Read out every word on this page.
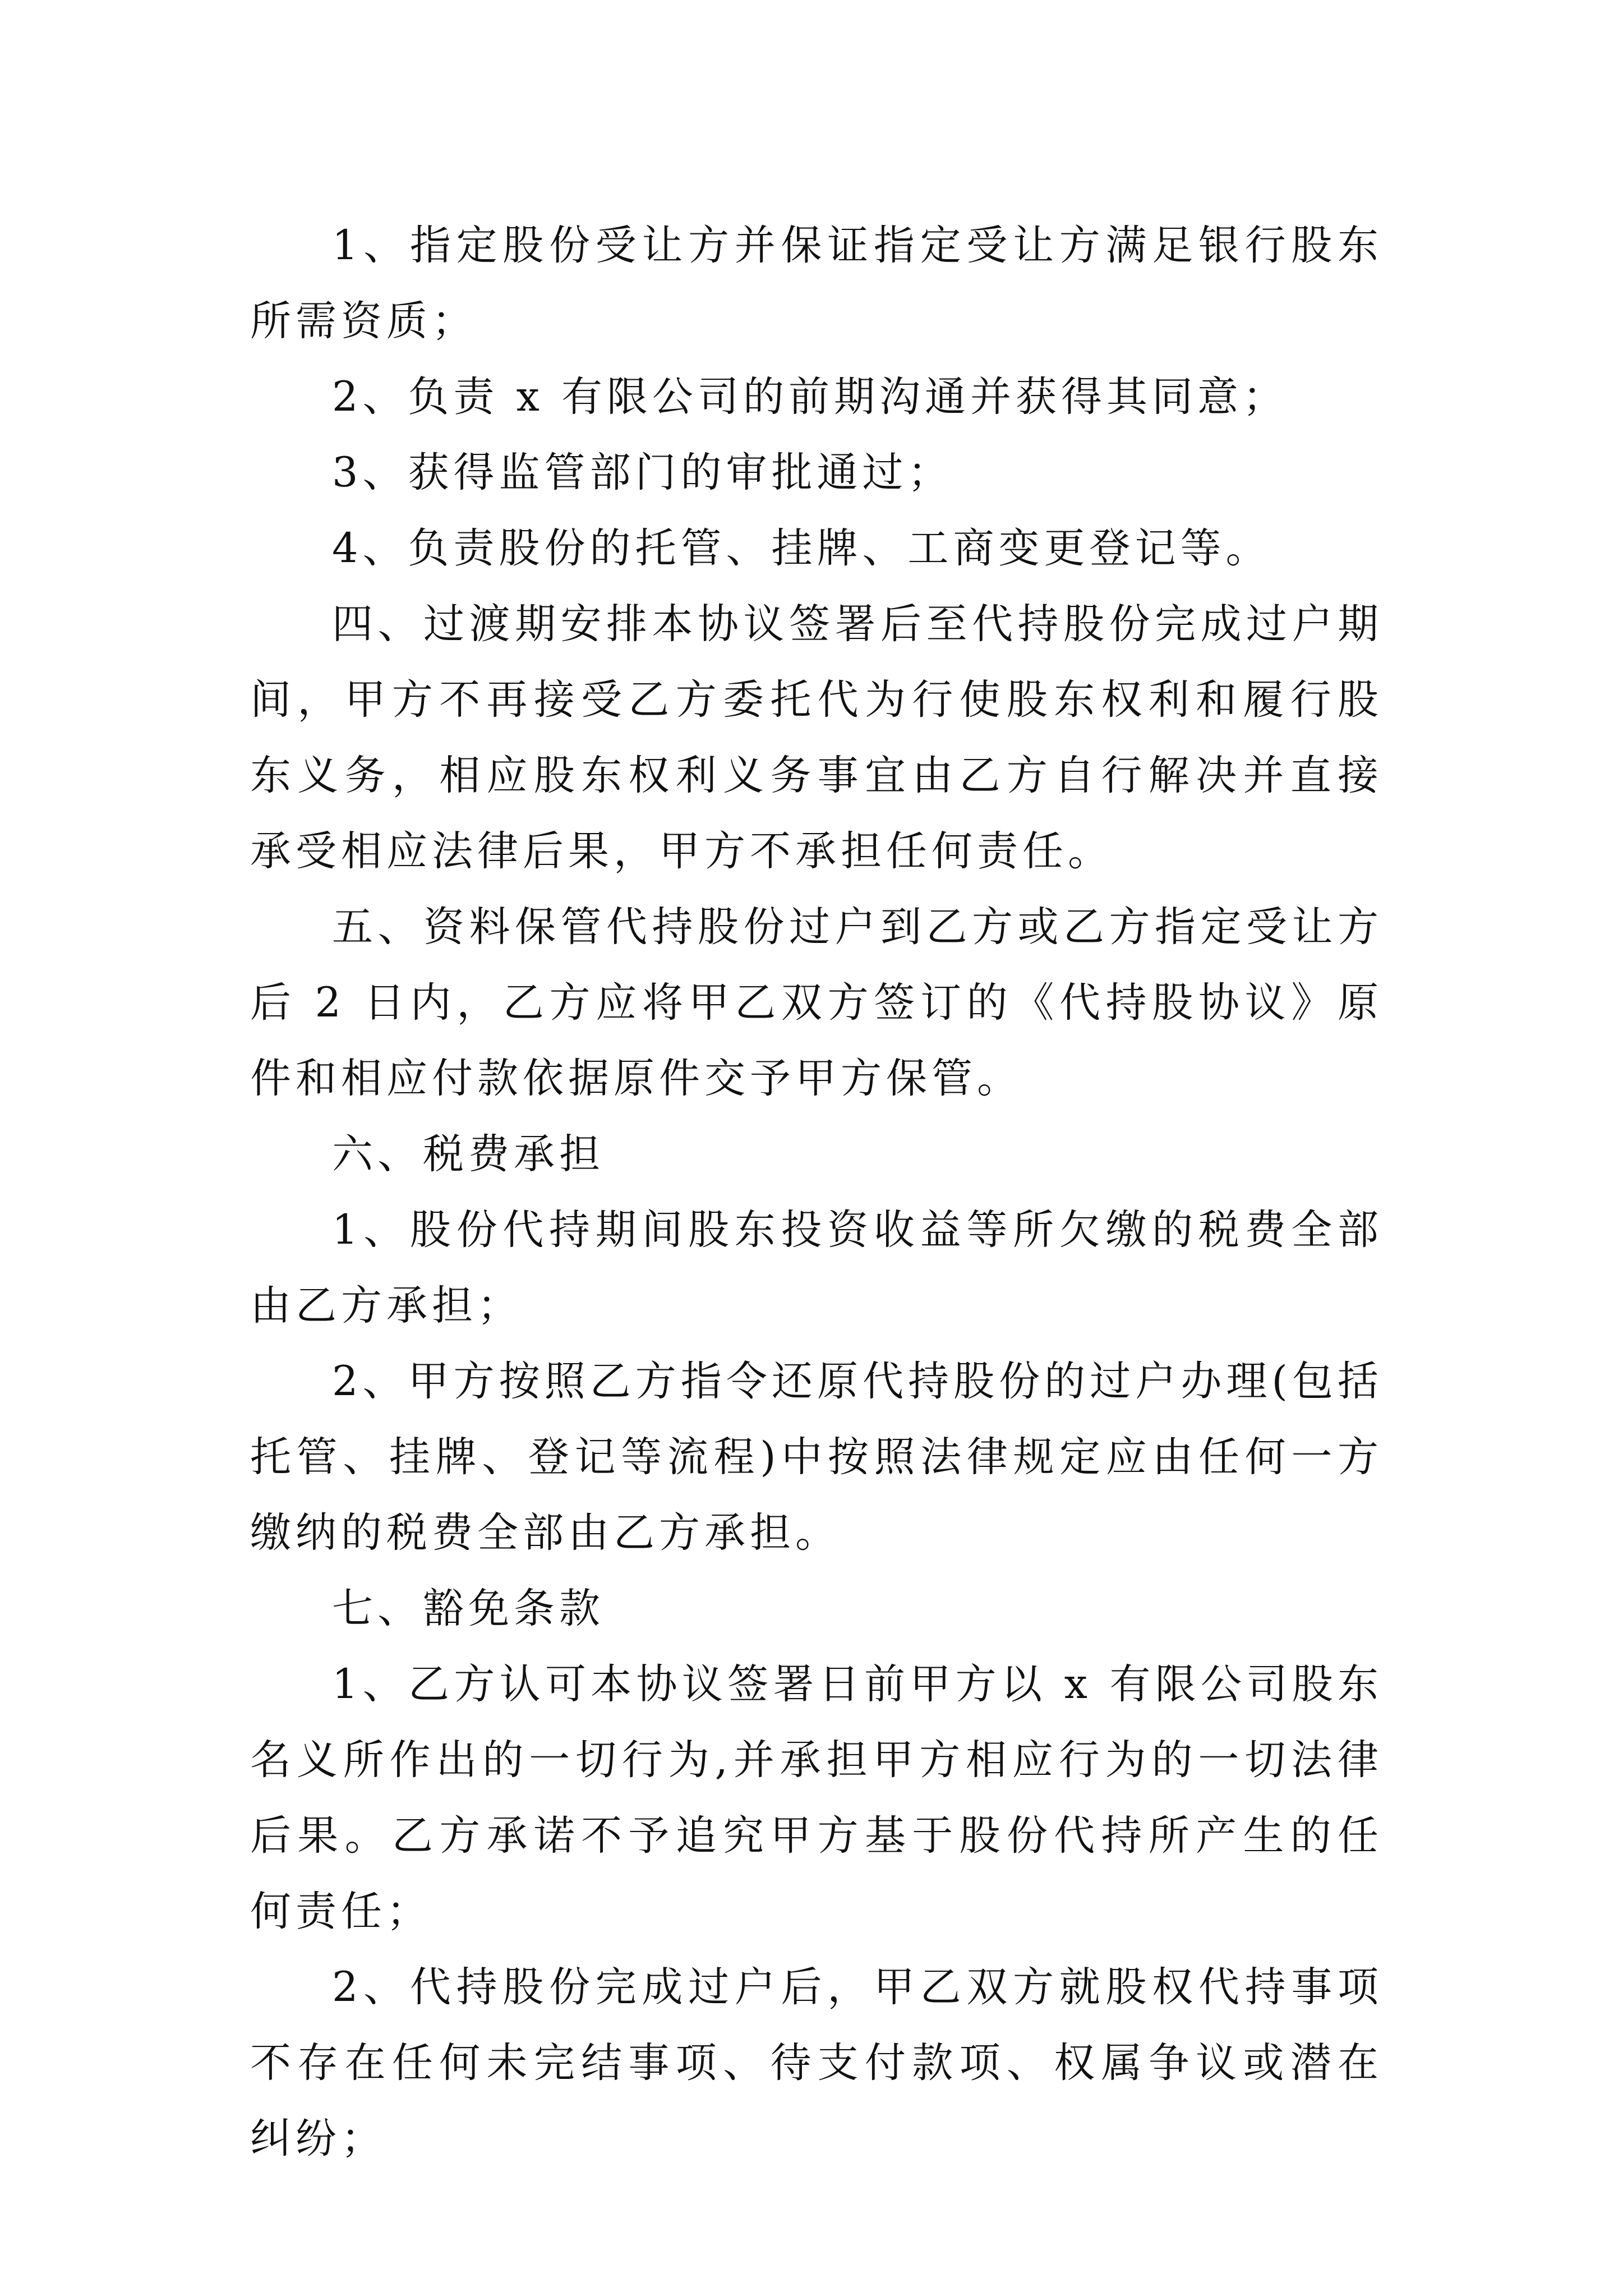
1、指定股份受让方并保证指定受让方满足银行股东所需资质；

2、负责 x 有限公司的前期沟通并获得其同意；

3、获得监管部门的审批通过；

4、负责股份的托管、挂牌、工商变更登记等。

四、过渡期安排本协议签署后至代持股份完成过户期间，甲方不再接受乙方委托代为行使股东权利和履行股东义务，相应股东权利义务事宜由乙方自行解决并直接承受相应法律后果，甲方不承担任何责任。

五、资料保管代持股份过户到乙方或乙方指定受让方后 2 日内，乙方应将甲乙双方签订的《代持股协议》原件和相应付款依据原件交予甲方保管。

六、税费承担

1、股份代持期间股东投资收益等所欠缴的税费全部由乙方承担；

2、甲方按照乙方指令还原代持股份的过户办理(包括托管、挂牌、登记等流程)中按照法律规定应由任何一方缴纳的税费全部由乙方承担。

七、豁免条款

1、乙方认可本协议签署日前甲方以 x 有限公司股东名义所作出的一切行为,并承担甲方相应行为的一切法律后果。乙方承诺不予追究甲方基于股份代持所产生的任何责任；

2、代持股份完成过户后，甲乙双方就股权代持事项不存在任何未完结事项、待支付款项、权属争议或潜在纠纷；
